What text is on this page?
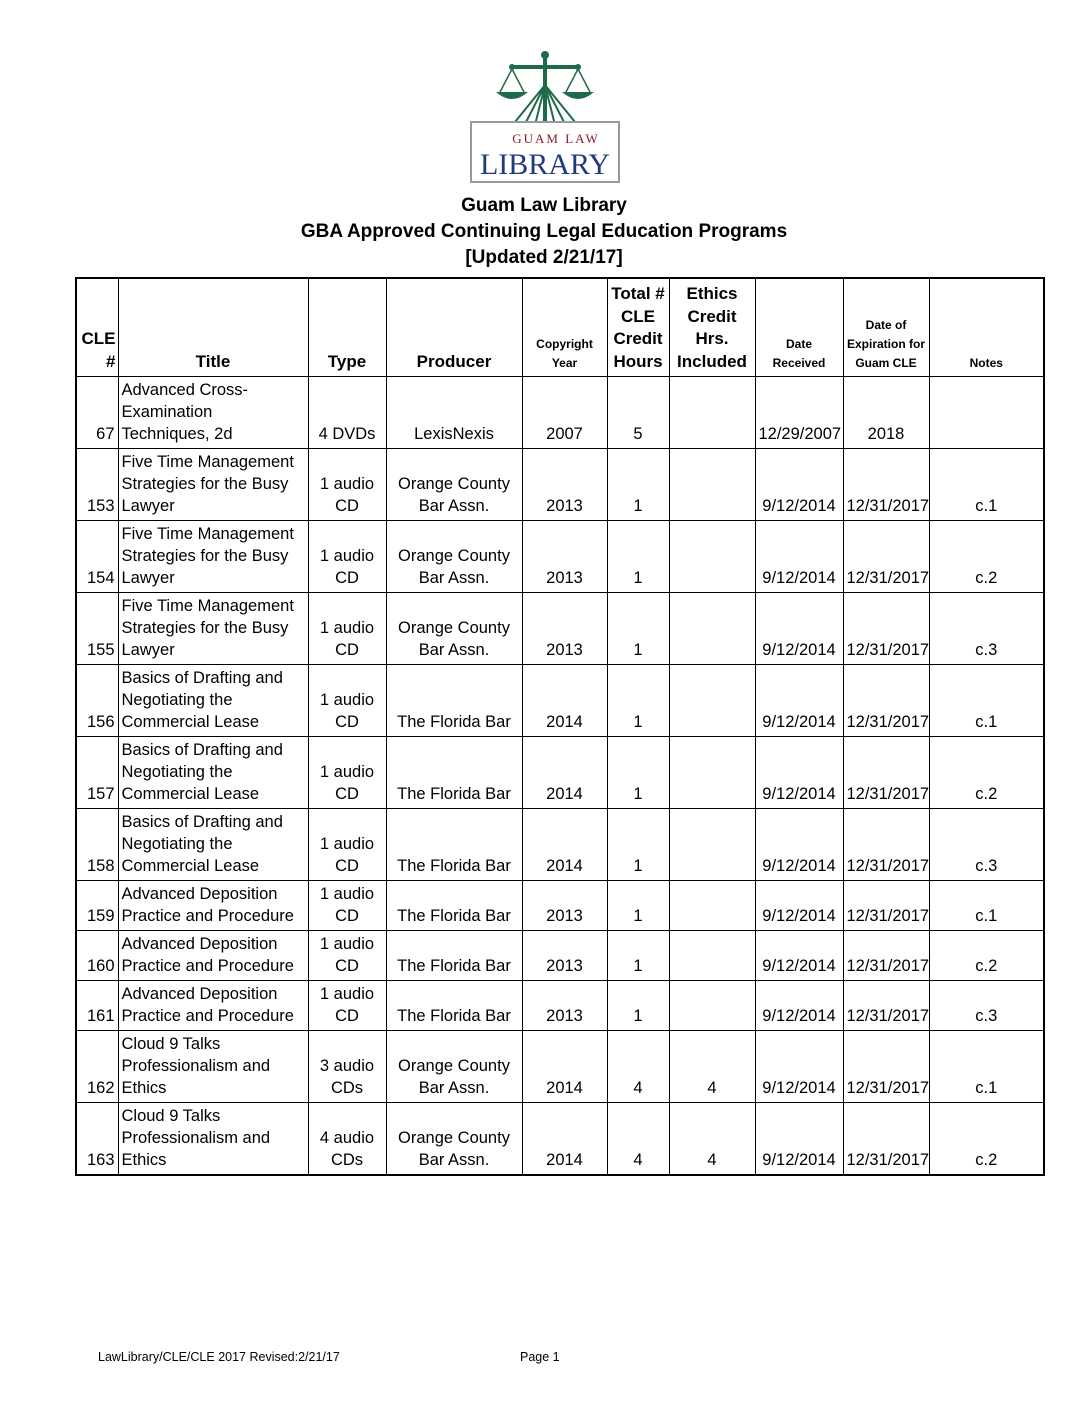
GUAM LAW
LIBRARY
Guam Law Library
GBA Approved Continuing Legal Education Programs
[Updated 2/21/17]
CLE #	Title	Type	Producer	Copyright Year	Total # CLE Credit Hours	Ethics Credit Hrs. Included	Date Received	Date of Expiration for Guam CLE	Notes
67	Advanced Cross-Examination Techniques, 2d	4 DVDs	LexisNexis	2007	5		12/29/2007	2018	
153	Five Time Management Strategies for the Busy Lawyer	1 audio CD	Orange County Bar Assn.	2013	1		9/12/2014	12/31/2017	c.1
154	Five Time Management Strategies for the Busy Lawyer	1 audio CD	Orange County Bar Assn.	2013	1		9/12/2014	12/31/2017	c.2
155	Five Time Management Strategies for the Busy Lawyer	1 audio CD	Orange County Bar Assn.	2013	1		9/12/2014	12/31/2017	c.3
156	Basics of Drafting and Negotiating the Commercial Lease	1 audio CD	The Florida Bar	2014	1		9/12/2014	12/31/2017	c.1
157	Basics of Drafting and Negotiating the Commercial Lease	1 audio CD	The Florida Bar	2014	1		9/12/2014	12/31/2017	c.2
158	Basics of Drafting and Negotiating the Commercial Lease	1 audio CD	The Florida Bar	2014	1		9/12/2014	12/31/2017	c.3
159	Advanced Deposition Practice and Procedure	1 audio CD	The Florida Bar	2013	1		9/12/2014	12/31/2017	c.1
160	Advanced Deposition Practice and Procedure	1 audio CD	The Florida Bar	2013	1		9/12/2014	12/31/2017	c.2
161	Advanced Deposition Practice and Procedure	1 audio CD	The Florida Bar	2013	1		9/12/2014	12/31/2017	c.3
162	Cloud 9 Talks Professionalism and Ethics	3 audio CDs	Orange County Bar Assn.	2014	4	4	9/12/2014	12/31/2017	c.1
163	Cloud 9 Talks Professionalism and Ethics	4 audio CDs	Orange County Bar Assn.	2014	4	4	9/12/2014	12/31/2017	c.2
LawLibrary/CLE/CLE 2017 Revised:2/21/17	Page 1
